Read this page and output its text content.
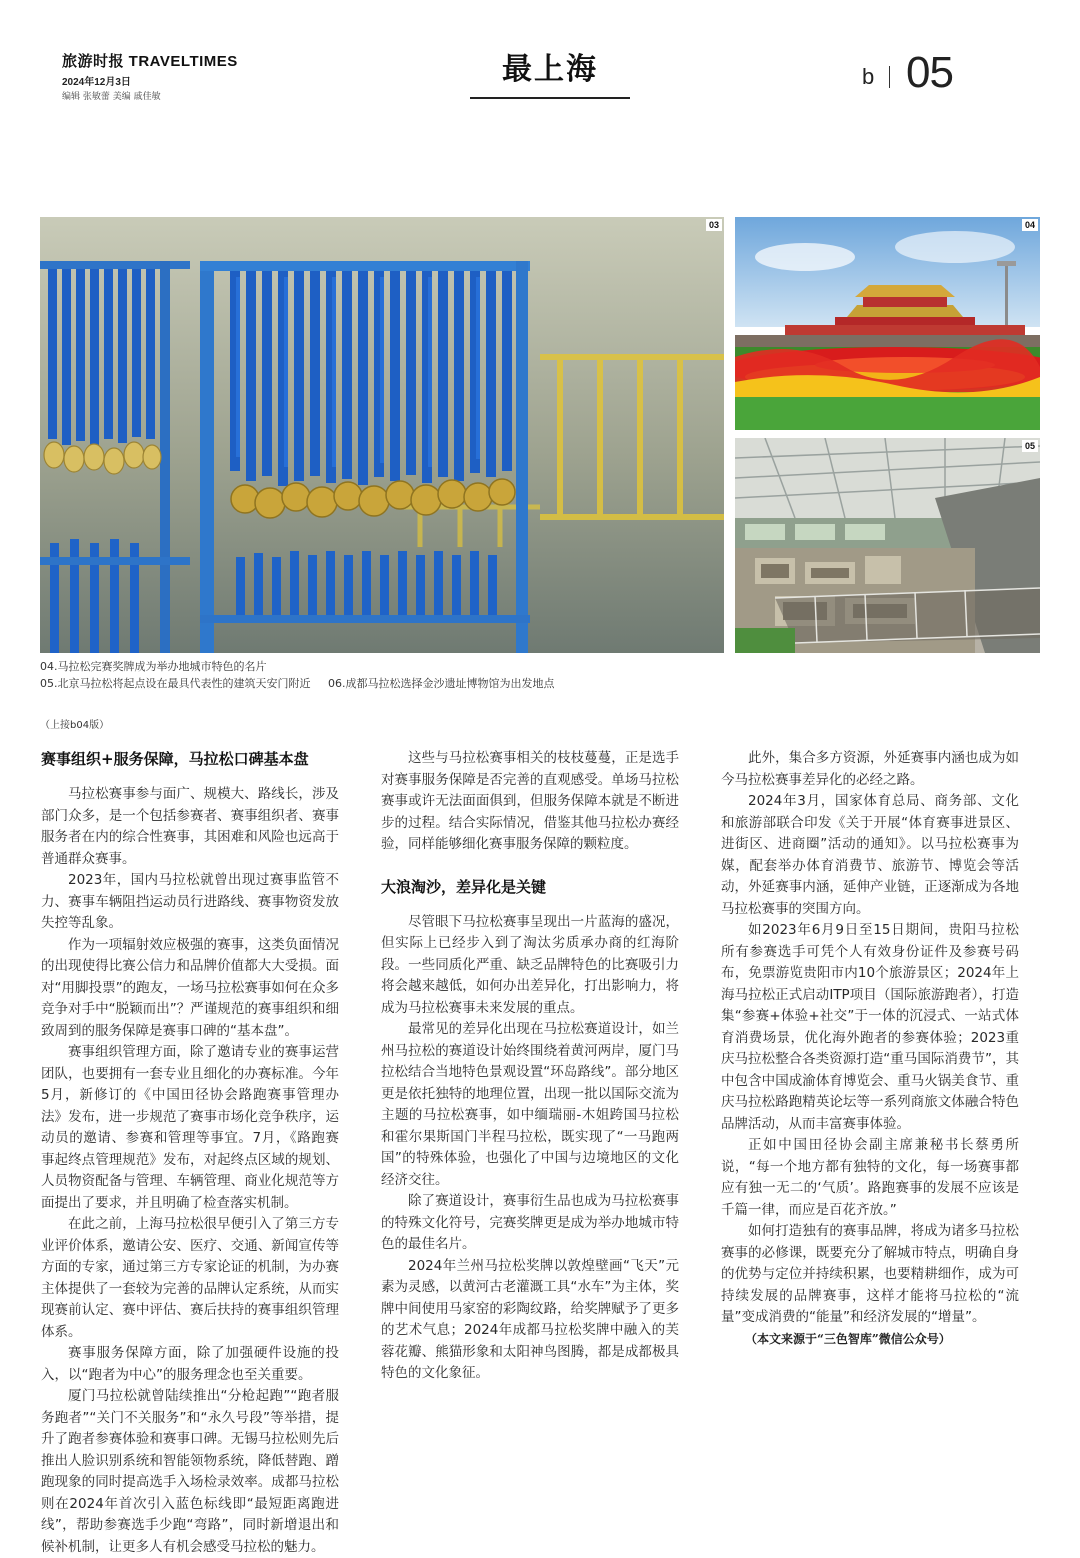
旅游时报 TRAVELTIMES
2024年12月3日
编辑 张敏蕾 美编 戚佳敏
最上海	b 05
03	04
05
04.马拉松完赛奖牌成为举办地城市特色的名片
05.北京马拉松将起点设在最具代表性的建筑天安门附近 06.成都马拉松选择金沙遗址博物馆为出发地点
（上接b04版）
赛事组织+服务保障，马拉松口碑基本盘

马拉松赛事参与面广、规模大、路线长，涉及部门众多，是一个包括参赛者、赛事组织者、赛事服务者在内的综合性赛事，其困难和风险也远高于普通群众赛事。

2023年，国内马拉松就曾出现过赛事监管不力、赛事车辆阻挡运动员行进路线、赛事物资发放失控等乱象。

作为一项辐射效应极强的赛事，这类负面情况的出现使得比赛公信力和品牌价值都大大受损。面对“用脚投票”的跑友，一场马拉松赛事如何在众多竞争对手中“脱颖而出”？严谨规范的赛事组织和细致周到的服务保障是赛事口碑的“基本盘”。

赛事组织管理方面，除了邀请专业的赛事运营团队，也要拥有一套专业且细化的办赛标准。今年5月，新修订的《中国田径协会路跑赛事管理办法》发布，进一步规范了赛事市场化竞争秩序，运动员的邀请、参赛和管理等事宜。7月，《路跑赛事起终点管理规范》发布，对起终点区域的规划、人员物资配备与管理、车辆管理、商业化规范等方面提出了要求，并且明确了检查落实机制。

在此之前，上海马拉松很早便引入了第三方专业评价体系，邀请公安、医疗、交通、新闻宣传等方面的专家，通过第三方专家论证的机制，为办赛主体提供了一套较为完善的品牌认定系统，从而实现赛前认定、赛中评估、赛后扶持的赛事组织管理体系。

赛事服务保障方面，除了加强硬件设施的投入，以“跑者为中心”的服务理念也至关重要。

厦门马拉松就曾陆续推出“分枪起跑”“跑者服务跑者”“关门不关服务”和“永久号段”等举措，提升了跑者参赛体验和赛事口碑。无锡马拉松则先后推出人脸识别系统和智能领物系统，降低替跑、蹭跑现象的同时提高选手入场检录效率。成都马拉松则在2024年首次引入蓝色标线即“最短距离跑进线”，帮助参赛选手少跑“弯路”，同时新增退出和候补机制，让更多人有机会感受马拉松的魅力。

这些与马拉松赛事相关的枝枝蔓蔓，正是选手对赛事服务保障是否完善的直观感受。单场马拉松赛事或许无法面面俱到，但服务保障本就是不断进步的过程。结合实际情况，借鉴其他马拉松办赛经验，同样能够细化赛事服务保障的颗粒度。

大浪淘沙，差异化是关键

尽管眼下马拉松赛事呈现出一片蓝海的盛况，但实际上已经步入到了淘汰劣质承办商的红海阶段。一些同质化严重、缺乏品牌特色的比赛吸引力将会越来越低，如何办出差异化，打出影响力，将成为马拉松赛事未来发展的重点。

最常见的差异化出现在马拉松赛道设计，如兰州马拉松的赛道设计始终围绕着黄河两岸，厦门马拉松结合当地特色景观设置“环岛路线”。部分地区更是依托独特的地理位置，出现一批以国际交流为主题的马拉松赛事，如中缅瑞丽-木姐跨国马拉松和霍尔果斯国门半程马拉松，既实现了“一马跑两国”的特殊体验，也强化了中国与边境地区的文化经济交往。

除了赛道设计，赛事衍生品也成为马拉松赛事的特殊文化符号，完赛奖牌更是成为举办地城市特色的最佳名片。

2024年兰州马拉松奖牌以敦煌壁画“飞天”元素为灵感，以黄河古老灌溉工具“水车”为主体，奖牌中间使用马家窑的彩陶纹路，给奖牌赋予了更多的艺术气息；2024年成都马拉松奖牌中融入的芙蓉花瓣、熊猫形象和太阳神鸟图腾，都是成都极具特色的文化象征。

此外，集合多方资源，外延赛事内涵也成为如今马拉松赛事差异化的必经之路。

2024年3月，国家体育总局、商务部、文化和旅游部联合印发《关于开展“体育赛事进景区、进街区、进商圈”活动的通知》。以马拉松赛事为媒，配套举办体育消费节、旅游节、博览会等活动，外延赛事内涵，延伸产业链，正逐渐成为各地马拉松赛事的突围方向。

如2023年6月9日至15日期间，贵阳马拉松所有参赛选手可凭个人有效身份证件及参赛号码布，免票游览贵阳市内10个旅游景区；2024年上海马拉松正式启动ITP项目（国际旅游跑者），打造集“参赛+体验+社交”于一体的沉浸式、一站式体育消费场景，优化海外跑者的参赛体验；2023重庆马拉松整合各类资源打造“重马国际消费节”，其中包含中国成渝体育博览会、重马火锅美食节、重庆马拉松路跑精英论坛等一系列商旅文体融合特色品牌活动，从而丰富赛事体验。

正如中国田径协会副主席兼秘书长蔡勇所说，“每一个地方都有独特的文化，每一场赛事都应有独一无二的‘气质’。路跑赛事的发展不应该是千篇一律，而应是百花齐放。”

如何打造独有的赛事品牌，将成为诸多马拉松赛事的必修课，既要充分了解城市特点，明确自身的优势与定位并持续积累，也要精耕细作，成为可持续发展的品牌赛事，这样才能将马拉松的“流量”变成消费的“能量”和经济发展的“增量”。

（本文来源于“三色智库”微信公众号）
